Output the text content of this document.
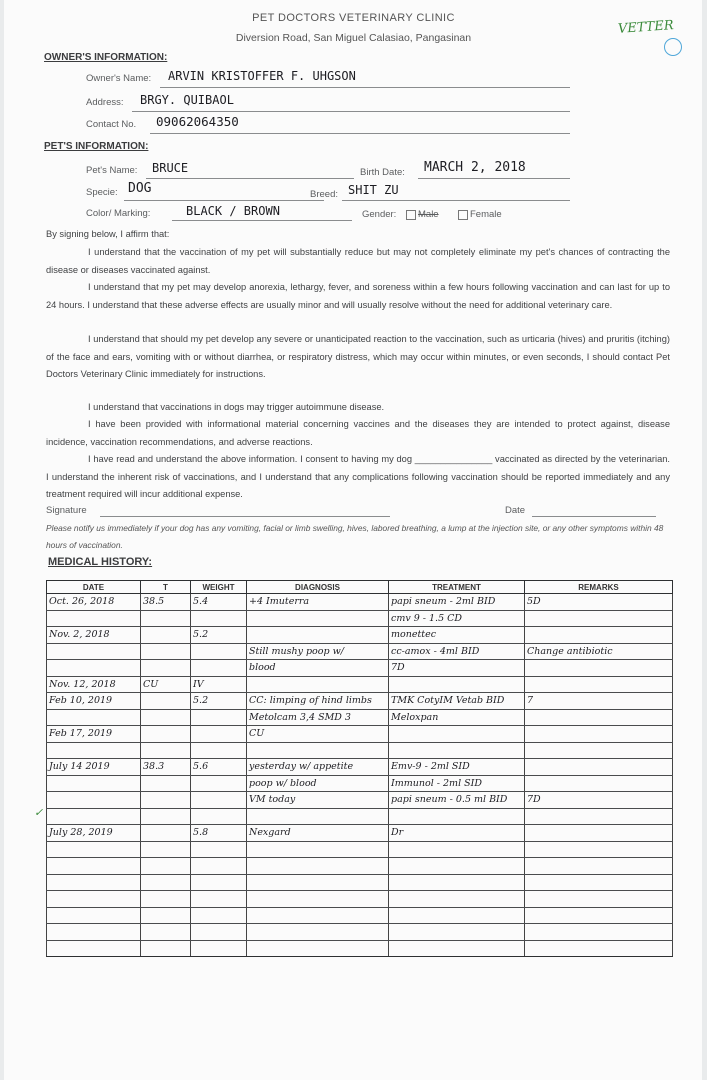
PET DOCTORS VETERINARY CLINIC
Diversion Road, San Miguel Calasiao, Pangasinan
VETTER
OWNER'S INFORMATION:
Owner's Name: ARVIN KRISTOFFER F. UHGSON
Address: BRGY. QUIBAOL
Contact No. 09062064350
PET'S INFORMATION:
Pet's Name: BRUCE	Birth Date: MARCH 2, 2018
Specie: DOG	Breed: SHIT ZU
Color/ Marking:	BLACK / BROWN	Gender: Male	Female
By signing below, I affirm that:
I understand that the vaccination of my pet will substantially reduce but may not completely eliminate my pet's chances of contracting the disease or diseases vaccinated against.
I understand that my pet may develop anorexia, lethargy, fever, and soreness within a few hours following vaccination and can last for up to 24 hours. I understand that these adverse effects are usually minor and will usually resolve without the need for additional veterinary care.
I understand that should my pet develop any severe or unanticipated reaction to the vaccination, such as urticaria (hives) and pruritis (itching) of the face and ears, vomiting with or without diarrhea, or respiratory distress, which may occur within minutes, or even seconds, I should contact Pet Doctors Veterinary Clinic immediately for instructions.
I understand that vaccinations in dogs may trigger autoimmune disease.
I have been provided with informational material concerning vaccines and the diseases they are intended to protect against, disease incidence, vaccination recommendations, and adverse reactions.
I have read and understand the above information. I consent to having my dog _______________ vaccinated as directed by the veterinarian. I understand the inherent risk of vaccinations, and I understand that any complications following vaccination should be reported immediately and any treatment required will incur additional expense.
Signature	Date
Please notify us immediately if your dog has any vomiting, facial or limb swelling, hives, labored breathing, a lump at the injection site, or any other symptoms within 48 hours of vaccination.
MEDICAL HISTORY:
DATE	T	WEIGHT	DIAGNOSIS	TREATMENT	REMARKS
Oct. 26, 2018	38.5	5.4	+4 Imuterra	papi sneum - 2ml BID	5D
				cmv 9 - 1.5 CD	
Nov. 2, 2018		5.2		monettec	
			Still mushy poop w/	cc-amox - 4ml BID	Change antibiotic
			blood	7D	
Nov. 12, 2018	CU	IV			
Feb 10, 2019		5.2	CC: limping of hind limbs	TMK CotyIM Vetab BID	7
			Metolcam 3,4 SMD 3	Meloxpan	
Feb 17, 2019			CU		

July 14 2019	38.3	5.6	yesterday w/ appetite	Emv-9 - 2ml SID	
			poop w/ blood	Immunol - 2ml SID	
			VM today	papi sneum - 0.5 ml BID	7D

July 28, 2019		5.8	Nexgard	Dr	

✓
